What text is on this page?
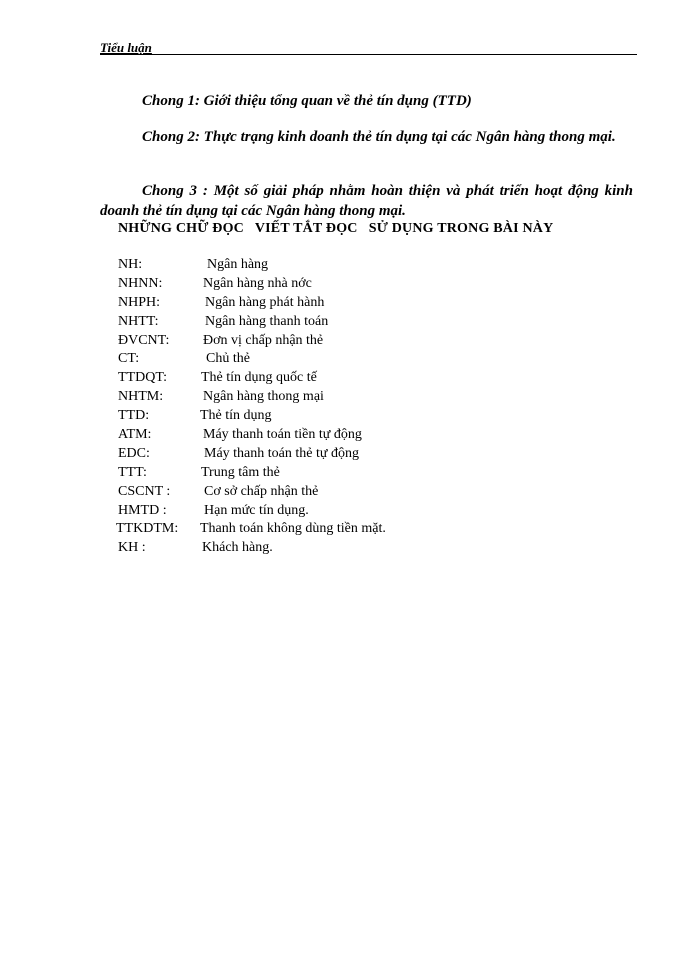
Tiểu luận
Chong 1: Giới thiệu tổng quan về thẻ tín dụng (TTD)
Chong 2: Thực trạng kinh doanh thẻ tín dụng tại các Ngân hàng thong mại.
Chong 3 : Một số giải pháp nhằm hoàn thiện và phát triển hoạt động kinh doanh thẻ tín dụng tại các Ngân hàng thong mại.
NHỮNG CHỮ ĐỌC   VIẾT TẮT ĐỌC   SỬ DỤNG TRONG BÀI NÀY
NH:	Ngân hàng
NHNN:	Ngân hàng nhà nớc
NHPH:	Ngân hàng phát hành
NHTT:	Ngân hàng thanh toán
ĐVCNT: Đơn vị chấp nhận thẻ
CT:	Chủ thẻ
TTDQT: Thẻ tín dụng quốc tế
NHTM:	Ngân hàng thong mại
TTD:	Thẻ tín dụng
ATM:	Máy thanh toán tiền tự động
EDC:	Máy thanh toán thẻ tự động
TTT:	Trung tâm thẻ
CSCNT : Cơ sở chấp nhận thẻ
HMTD :	Hạn mức tín dụng.
TTKDTM: Thanh toán không dùng tiền mặt.
KH :	Khách hàng.
